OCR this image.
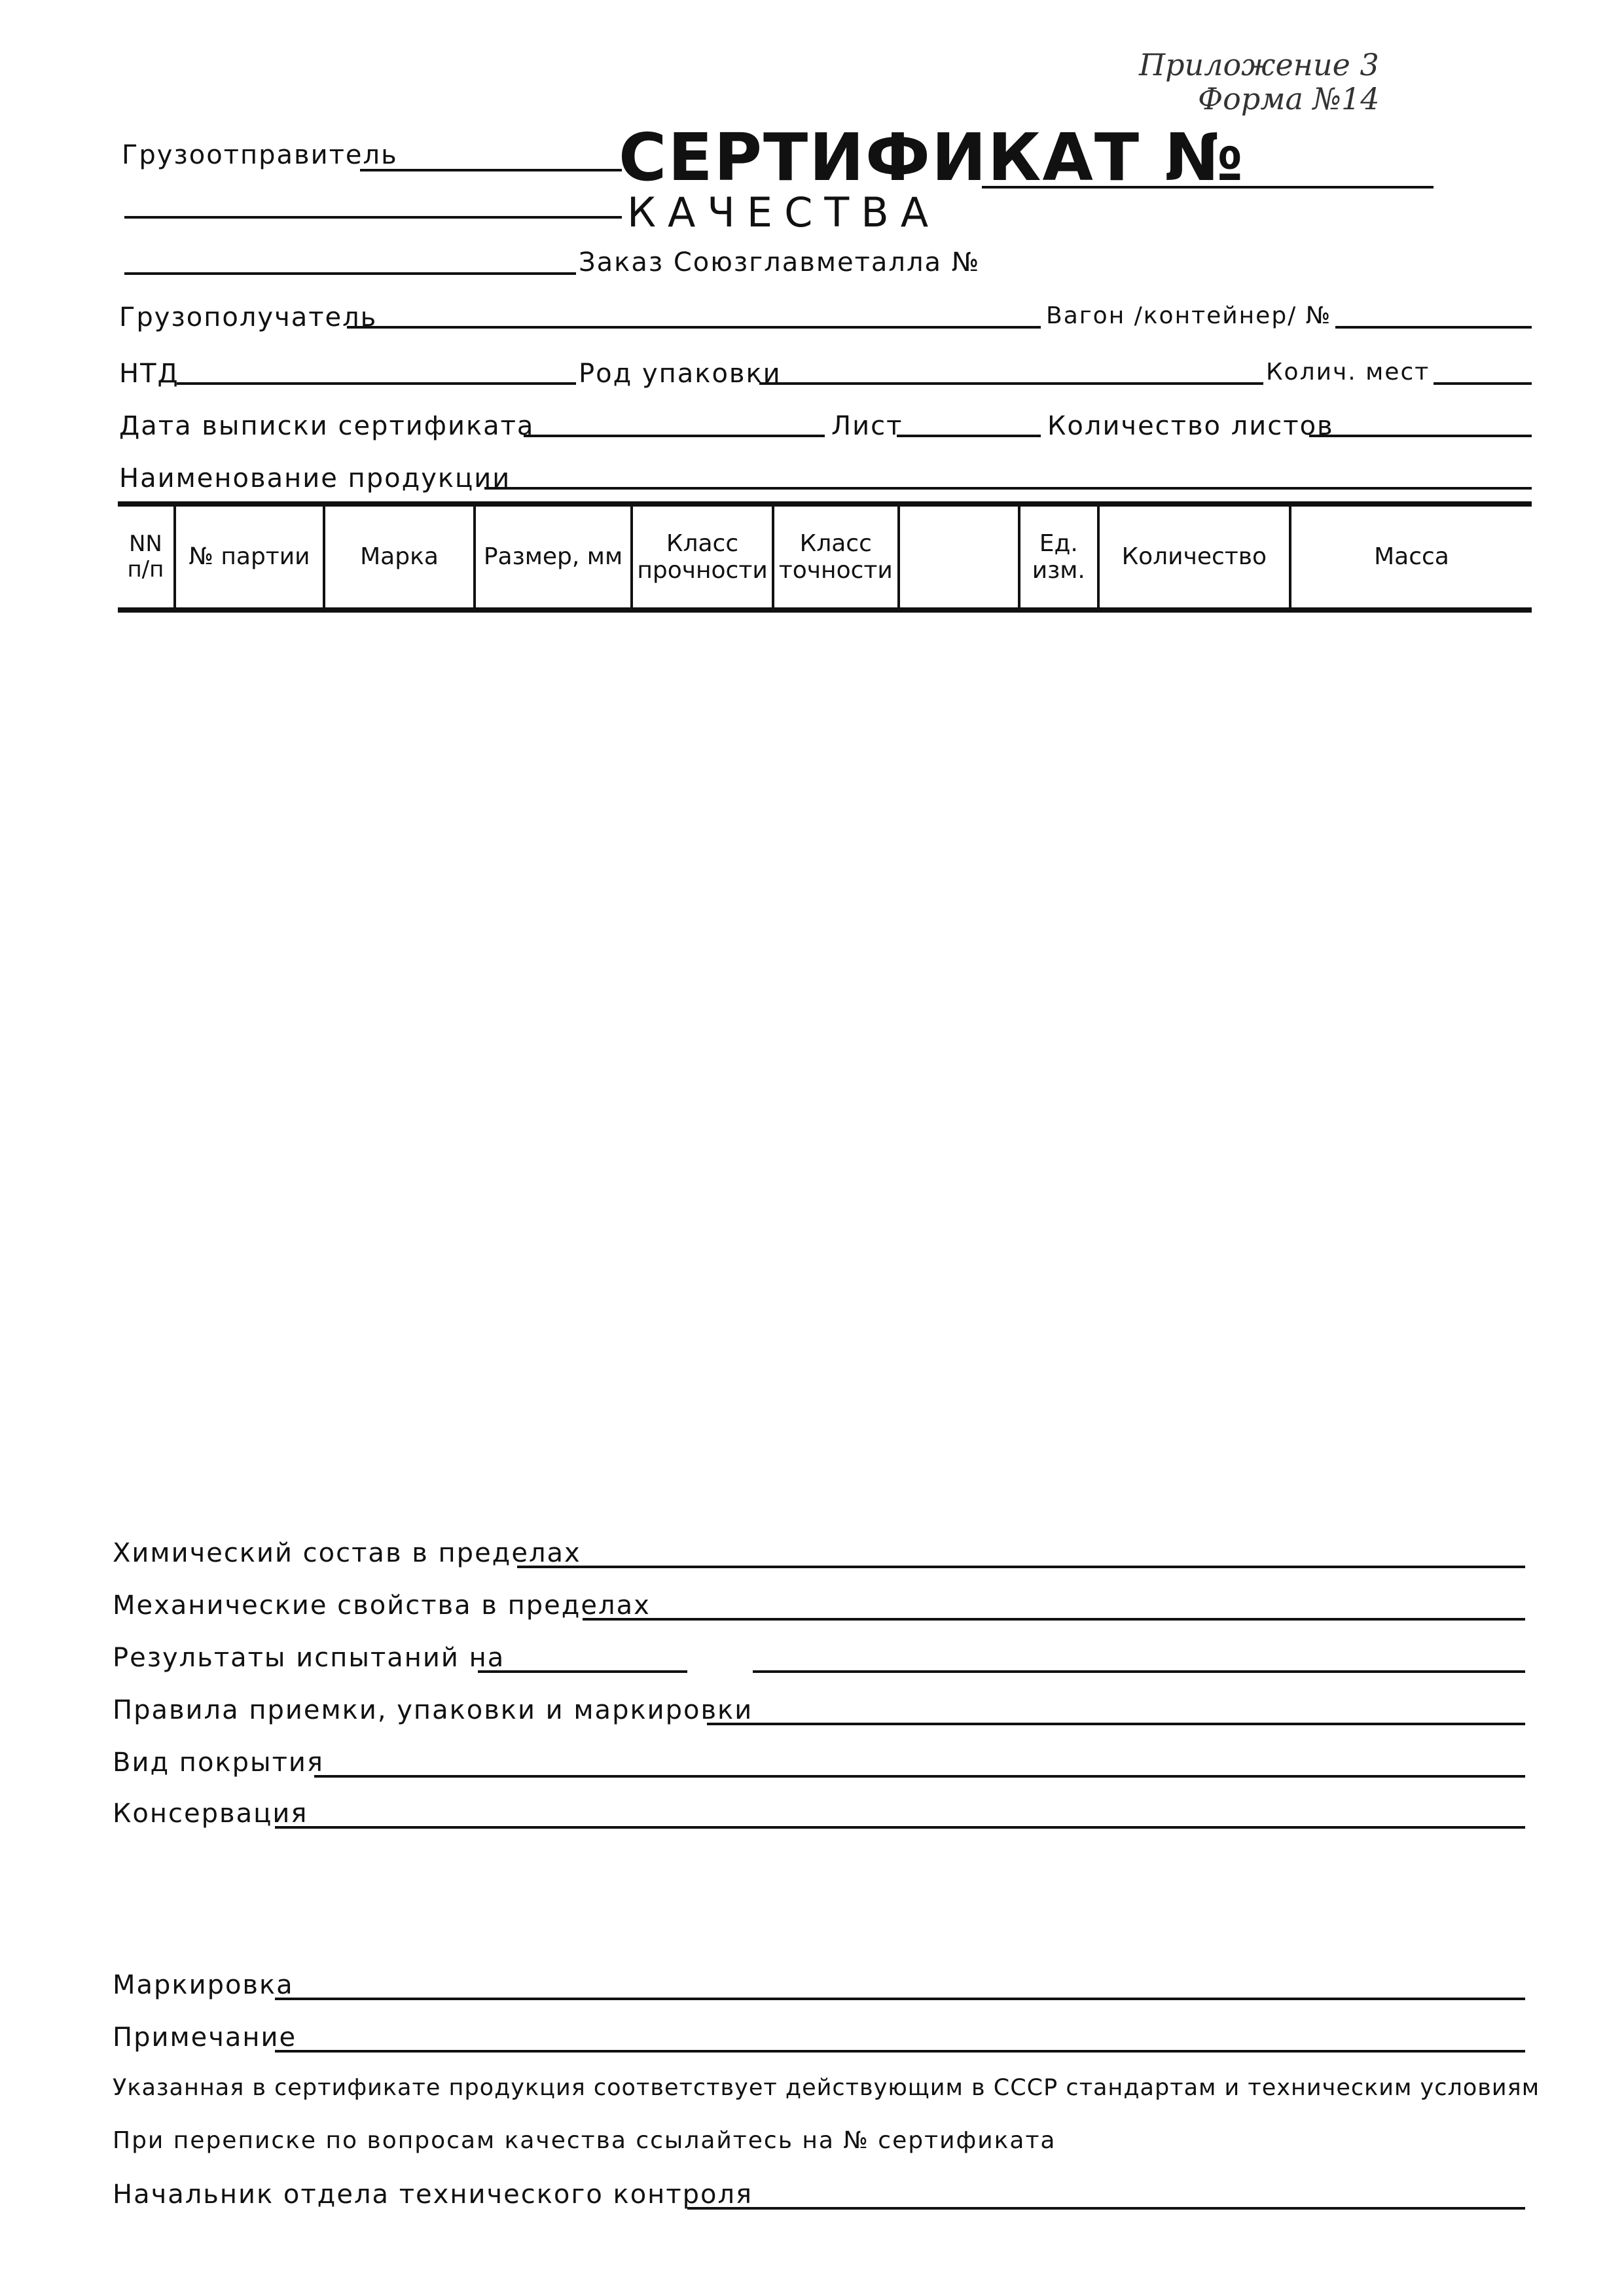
Приложение 3
Форма №14
СЕРТИФИКАТ №
КАЧЕСТВА
Грузоотправитель
Заказ Союзглавметалла №
Грузополучатель	Вагон /контейнер/ №
НТД	Род упаковки	Колич. мест
Дата выписки сертификата	Лист	Количество листов
Наименование продукции
NN п/п	№ партии	Марка	Размер, мм	Класс прочности	Класс точности		Ед. изм.	Количество	Масса
Химический состав в пределах
Механические свойства в пределах
Результаты испытаний на
Правила приемки, упаковки и маркировки
Вид покрытия
Консервация
Маркировка
Примечание
Указанная в сертификате продукция соответствует действующим в СССР стандартам и техническим условиям
При переписке по вопросам качества ссылайтесь на № сертификата
Начальник отдела технического контроля
